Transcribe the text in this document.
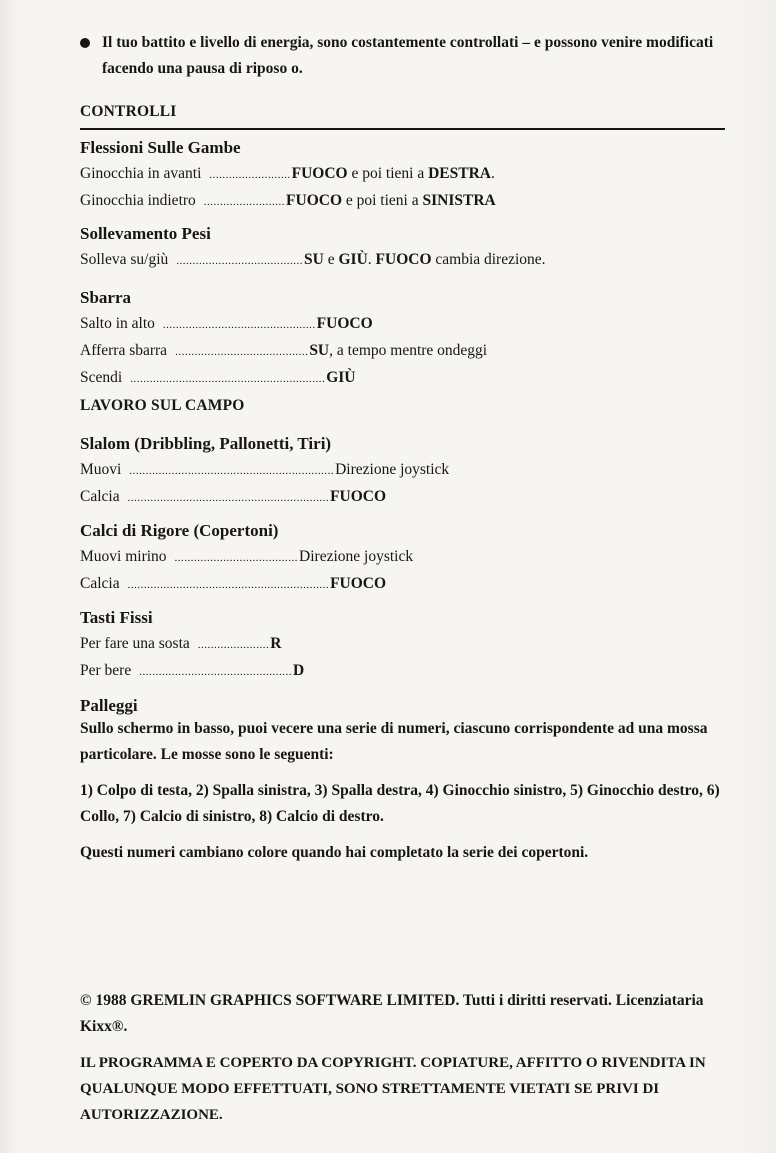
Il tuo battito e livello di energia, sono costantemente controllati – e possono venire modificati facendo una pausa di riposo o.
CONTROLLI
Flessioni Sulle Gambe
Ginocchia in avanti ......................... FUOCO e poi tieni a DESTRA.
Ginocchia indietro ......................... FUOCO e poi tieni a SINISTRA
Sollevamento Pesi
Solleva su/giù ....................................... SU e GIÙ. FUOCO cambia direzione.
Sbarra
Salto in alto ............................................... FUOCO
Afferra sbarra ......................................... SU, a tempo mentre ondeggi
Scendi ............................................................ GIÙ
LAVORO SUL CAMPO
Slalom (Dribbling, Pallonetti, Tiri)
Muovi ............................................................... Direzione joystick
Calcia .............................................................. FUOCO
Calci di Rigore (Copertoni)
Muovi mirino ...................................... Direzione joystick
Calcia .............................................................. FUOCO
Tasti Fissi
Per fare una sosta ...................... R
Per bere ............................................... D
Palleggi
Sullo schermo in basso, puoi vecere una serie di numeri, ciascuno corrispondente ad una mossa particolare. Le mosse sono le seguenti:
1) Colpo di testa, 2) Spalla sinistra, 3) Spalla destra, 4) Ginocchio sinistro, 5) Ginocchio destro, 6) Collo, 7) Calcio di sinistro, 8) Calcio di destro.
Questi numeri cambiano colore quando hai completato la serie dei copertoni.
© 1988 GREMLIN GRAPHICS SOFTWARE LIMITED. Tutti i diritti reservati. Licenziataria Kixx®.
IL PROGRAMMA E COPERTO DA COPYRIGHT. COPIATURE, AFFITTO O RIVENDITA IN QUALUNQUE MODO EFFETTUATI, SONO STRETTAMENTE VIETATI SE PRIVI DI AUTORIZZAZIONE.
